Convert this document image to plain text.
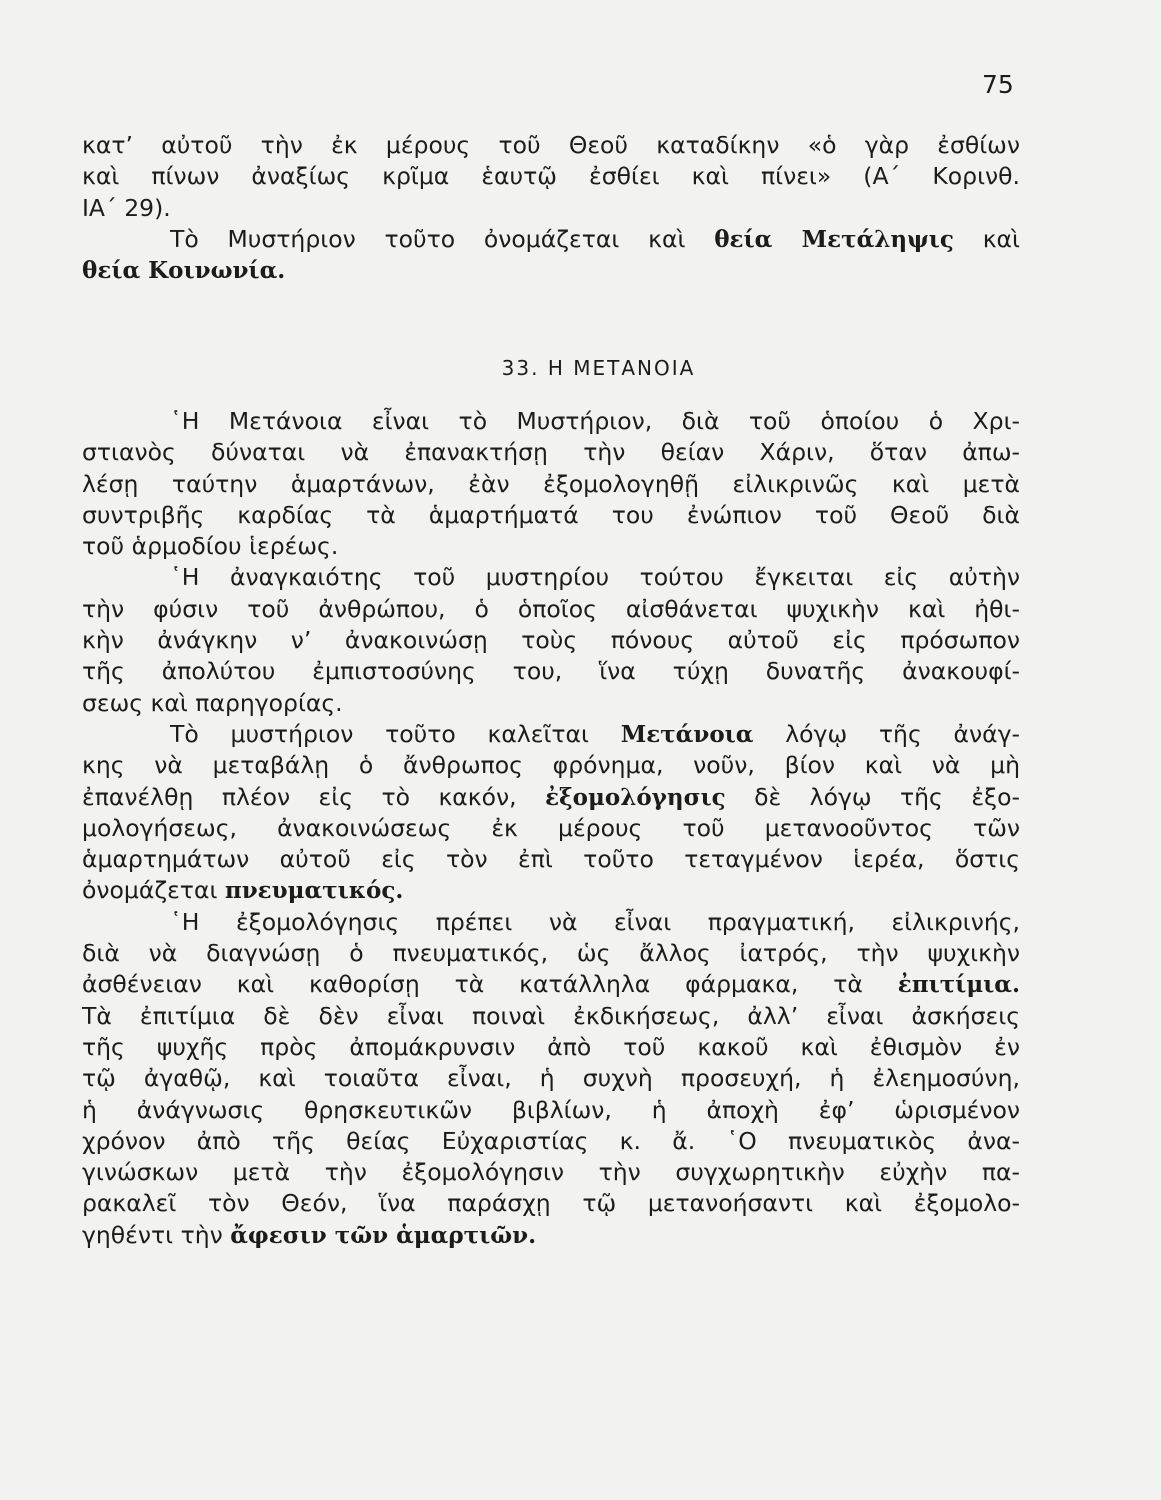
75
κατ’ αὐτοῦ τὴν ἐκ μέρους τοῦ Θεοῦ καταδίκην «ὁ γὰρ ἐσθίων
καὶ πίνων ἀναξίως κρῖμα ἑαυτῷ ἐσθίει καὶ πίνει» (Α΄ Κορινθ.
ΙΑ΄ 29).
Τὸ Μυστήριον τοῦτο ὀνομάζεται καὶ θεία Μετάληψις καὶ
θεία Κοινωνία.
33. Η ΜΕΤΑΝΟΙΑ
῾Η Μετάνοια εἶναι τὸ Μυστήριον, διὰ τοῦ ὁποίου ὁ Χρι-
στιανὸς δύναται νὰ ἐπανακτήσῃ τὴν θείαν Χάριν, ὅταν ἀπω-
λέσῃ ταύτην ἁμαρτάνων, ἐὰν ἐξομολογηθῇ εἰλικρινῶς καὶ μετὰ
συντριβῆς καρδίας τὰ ἁμαρτήματά του ἐνώπιον τοῦ Θεοῦ διὰ
τοῦ ἁρμοδίου ἱερέως.
῾Η ἀναγκαιότης τοῦ μυστηρίου τούτου ἔγκειται εἰς αὐτὴν
τὴν φύσιν τοῦ ἀνθρώπου, ὁ ὁποῖος αἰσθάνεται ψυχικὴν καὶ ἠθι-
κὴν ἀνάγκην ν’ ἀνακοινώσῃ τοὺς πόνους αὐτοῦ εἰς πρόσωπον
τῆς ἀπολύτου ἐμπιστοσύνης του, ἵνα τύχῃ δυνατῆς ἀνακουφί-
σεως καὶ παρηγορίας.
Τὸ μυστήριον τοῦτο καλεῖται Μετάνοια λόγῳ τῆς ἀνάγ-
κης νὰ μεταβάλῃ ὁ ἄνθρωπος φρόνημα, νοῦν, βίον καὶ νὰ μὴ
ἐπανέλθῃ πλέον εἰς τὸ κακόν, ἐξομολόγησις δὲ λόγῳ τῆς ἐξο-
μολογήσεως, ἀνακοινώσεως ἐκ μέρους τοῦ μετανοοῦντος τῶν
ἁμαρτημάτων αὐτοῦ εἰς τὸν ἐπὶ τοῦτο τεταγμένον ἱερέα, ὅστις
ὀνομάζεται πνευματικός.
῾Η ἐξομολόγησις πρέπει νὰ εἶναι πραγματική, εἰλικρινής,
διὰ νὰ διαγνώσῃ ὁ πνευματικός, ὡς ἄλλος ἰατρός, τὴν ψυχικὴν
ἀσθένειαν καὶ καθορίσῃ τὰ κατάλληλα φάρμακα, τὰ ἐπιτίμια.
Τὰ ἐπιτίμια δὲ δὲν εἶναι ποιναὶ ἐκδικήσεως, ἀλλ’ εἶναι ἀσκήσεις
τῆς ψυχῆς πρὸς ἀπομάκρυνσιν ἀπὸ τοῦ κακοῦ καὶ ἐθισμὸν ἐν
τῷ ἀγαθῷ, καὶ τοιαῦτα εἶναι, ἡ συχνὴ προσευχή, ἡ ἐλεημοσύνη,
ἡ ἀνάγνωσις θρησκευτικῶν βιβλίων, ἡ ἀποχὴ ἐφ’ ὡρισμένον
χρόνον ἀπὸ τῆς θείας Εὐχαριστίας κ. ἄ. ῾Ο πνευματικὸς ἀνα-
γινώσκων μετὰ τὴν ἐξομολόγησιν τὴν συγχωρητικὴν εὐχὴν πα-
ρακαλεῖ τὸν Θεόν, ἵνα παράσχῃ τῷ μετανοήσαντι καὶ ἐξομολο-
γηθέντι τὴν ἄφεσιν τῶν ἁμαρτιῶν.
